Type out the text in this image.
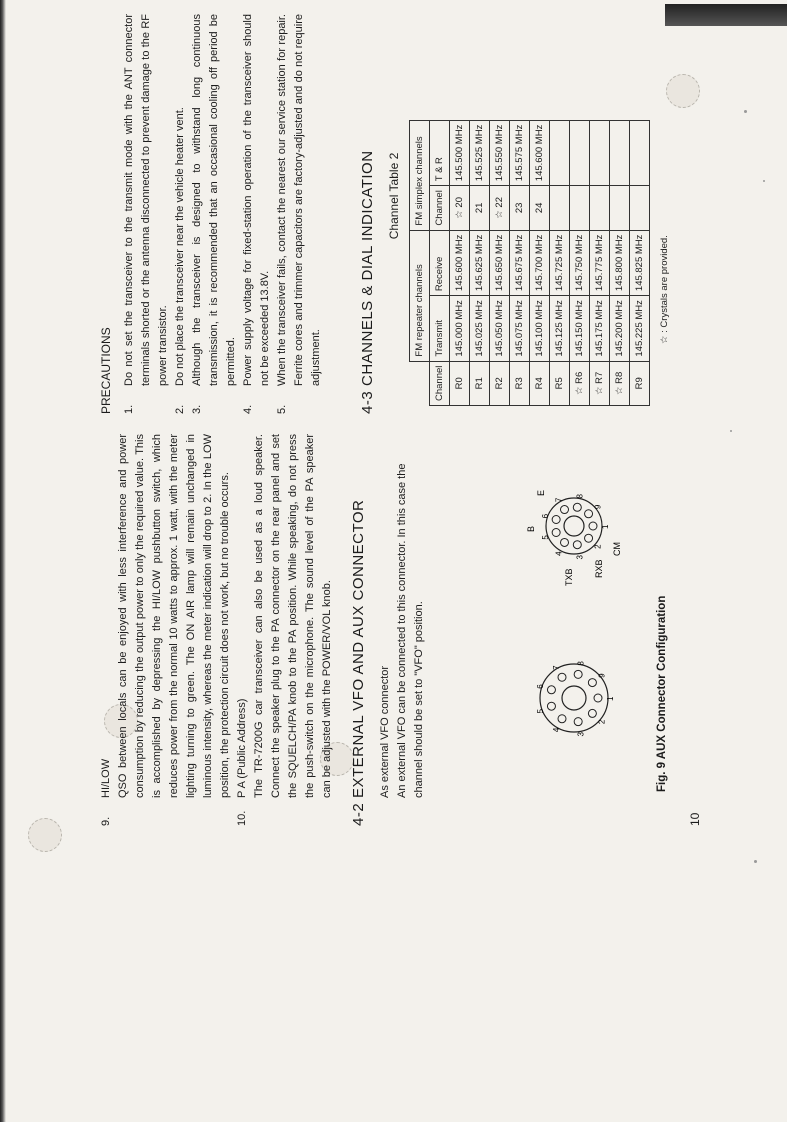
9.
HI/LOW QSO between locals can be enjoyed with less interference and power consumption by reducing the output power to only the required value. This is accomplished by depressing the HI/LOW pushbutton switch, which reduces power from the normal 10 watts to approx. 1 watt, with the meter lighting turning to green. The ON AIR lamp will remain unchanged in luminous intensity, whereas the meter indication will drop to 2. In the LOW position, the protection circuit does not work, but no trouble occurs.
10.
P A (Public Address) The TR-7200G car transceiver can also be used as a loud speaker. Connect the speaker plug to the PA connector on the rear panel and set the SQUELCH/PA knob to the PA position. While speaking, do not press the push-switch on the microphone. The sound level of the PA speaker can be adjusted with the POWER/VOL knob.
4-2
EXTERNAL VFO AND AUX CONNECTOR As external VFO connector An external VFO can be connected to this connector. In this case the channel should be set to "VFO" position.	1
2
3
4
5
6
7
8
9
TXB RXB
B
E
CM
1
2
3
4
5
6
7
8
9
Fig. 9 AUX Connector Configuration
10
PRECAUTIONS 1.
Do not set the transceiver to the transmit mode with the ANT connector terminals shorted or the antenna disconnected to prevent damage to the RF power transistor.
2.
Do not place the transceiver near the vehicle heater vent.
3.
Although the transceiver is designed to withstand long continuous transmission, it is recommended that an occasional cooling off period be permitted.
4.
Power supply voltage for fixed-station operation of the transceiver should not be exceeded 13.8V.
5.
When the transceiver fails, contact the nearest our service station for repair. Ferrite cores and trimmer capacitors are factory-adjusted and do not require adjustment.
4-3
CHANNELS & DIAL INDICATION Channel Table 2
	FM repeater channels		FM simplex channels	
Channel	Transmit	Receive	Channel	T & R
R0	145.000 MHz	145.600 MHz	☆ 20	145.500 MHz
R1	145.025 MHz	145.625 MHz	21	145.525 MHz
R2	145.050 MHz	145.650 MHz	☆ 22	145.550 MHz
R3	145.075 MHz	145.675 MHz	23	145.575 MHz
R4	145.100 MHz	145.700 MHz	24	145.600 MHz
R5	145.125 MHz	145.725 MHz		
☆ R6	145.150 MHz	145.750 MHz		
☆ R7	145.175 MHz	145.775 MHz		
☆ R8	145.200 MHz	145.800 MHz		
R9	145.225 MHz	145.825 MHz			☆ : Crystals are provided.
